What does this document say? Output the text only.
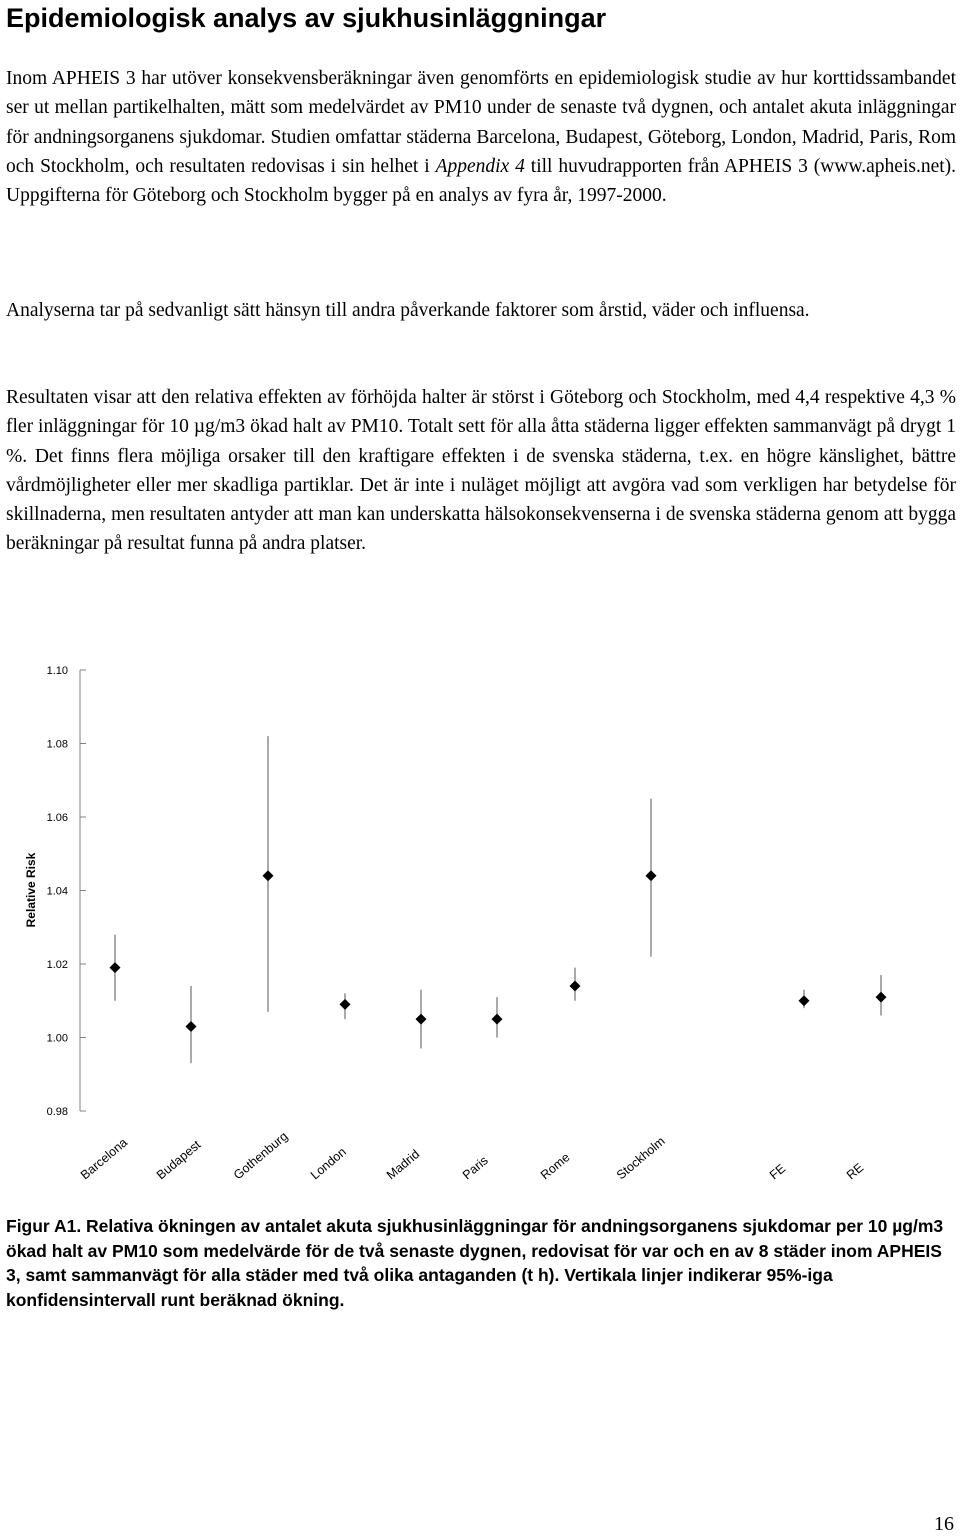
Epidemiologisk analys av sjukhusinläggningar

Inom APHEIS 3 har utöver konsekvensberäkningar även genomförts en epidemiologisk studie av hur korttidssambandet ser ut mellan partikelhalten, mätt som medelvärdet av PM10 under de senaste två dygnen, och antalet akuta inläggningar för andningsorganens sjukdomar. Studien omfattar städerna Barcelona, Budapest, Göteborg, London, Madrid, Paris, Rom och Stockholm, och resultaten redovisas i sin helhet i Appendix 4 till huvudrapporten från APHEIS 3 (www.apheis.net). Uppgifterna för Göteborg och Stockholm bygger på en analys av fyra år, 1997-2000.

Analyserna tar på sedvanligt sätt hänsyn till andra påverkande faktorer som årstid, väder och influensa.

Resultaten visar att den relativa effekten av förhöjda halter är störst i Göteborg och Stockholm, med 4,4 respektive 4,3 % fler inläggningar för 10 µg/m3 ökad halt av PM10. Totalt sett för alla åtta städerna ligger effekten sammanvägt på drygt 1 %. Det finns flera möjliga orsaker till den kraftigare effekten i de svenska städerna, t.ex. en högre känslighet, bättre vårdmöjligheter eller mer skadliga partiklar. Det är inte i nuläget möjligt att avgöra vad som verkligen har betydelse för skillnaderna, men resultaten antyder att man kan underskatta hälsokonsekvenserna i de svenska städerna genom att bygga beräkningar på resultat funna på andra platser.

0.98
1.00
1.02
1.04
1.06
1.08
1.10
Relative Risk
Barcelona Budapest Gothenburg London	Madrid	Paris	Rome	Stockholm	FE	RE

Figur A1. Relativa ökningen av antalet akuta sjukhusinläggningar för andningsorganens sjukdomar per 10 µg/m3 ökad halt av PM10 som medelvärde för de två senaste dygnen, redovisat för var och en av 8 städer inom APHEIS 3, samt sammanvägt för alla städer med två olika antaganden (t h). Vertikala linjer indikerar 95%-iga konfidensintervall runt beräknad ökning.

16
